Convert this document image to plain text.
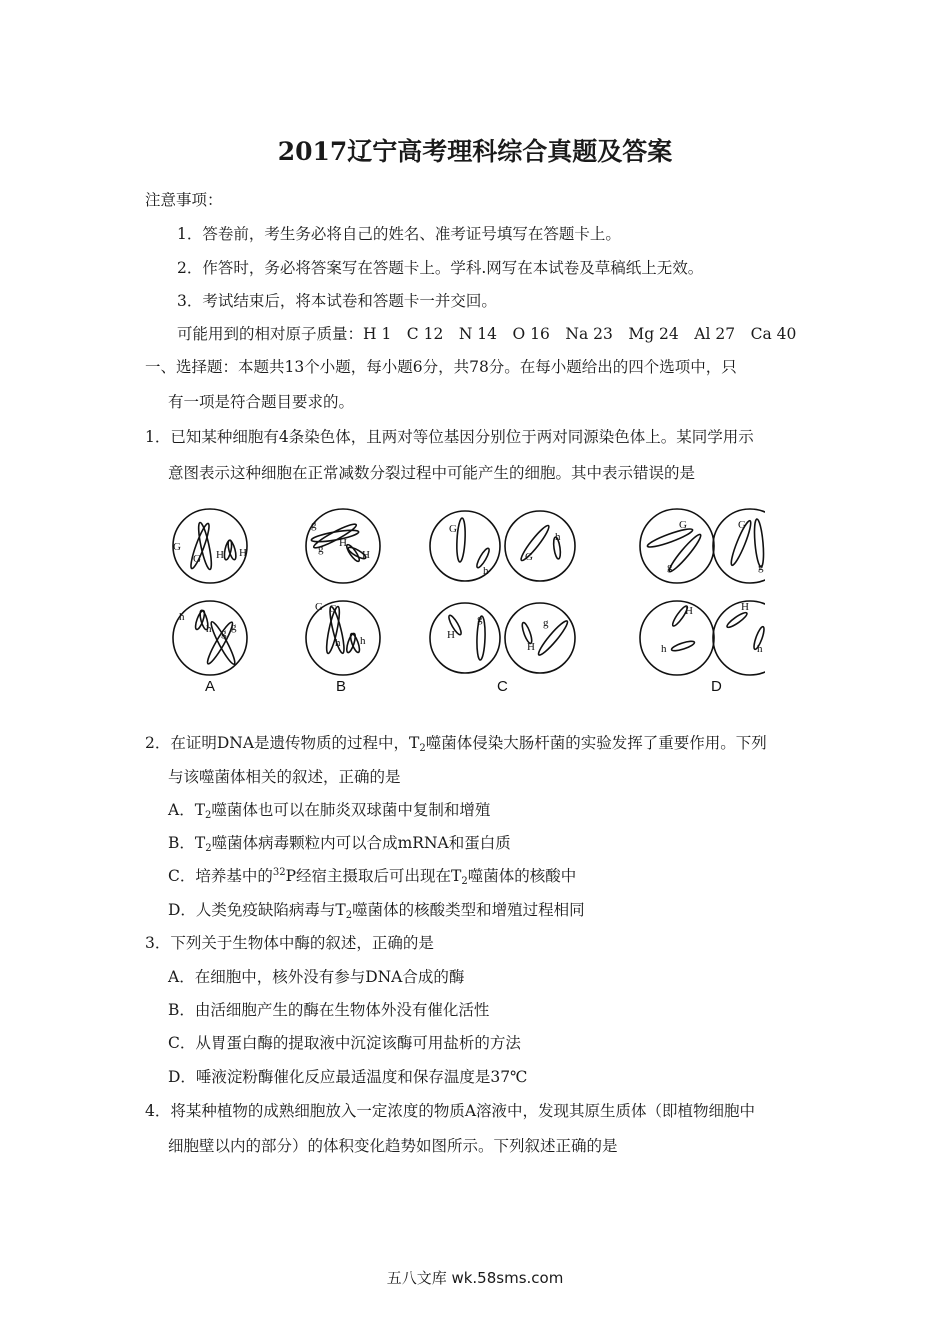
2017辽宁高考理科综合真题及答案
注意事项：
1．答卷前，考生务必将自己的姓名、准考证号填写在答题卡上。
2．作答时，务必将答案写在答题卡上。学科.网写在本试卷及草稿纸上无效。
3．考试结束后，将本试卷和答题卡一并交回。
可能用到的相对原子质量：H 1　C 12　N 14　O 16　Na 23　Mg 24　Al 27　Ca 40
一、选择题：本题共13个小题，每小题6分，共78分。在每小题给出的四个选项中，只
有一项是符合题目要求的。
1．已知某种细胞有4条染色体，且两对等位基因分别位于两对同源染色体上。某同学用示
意图表示这种细胞在正常减数分裂过程中可能产生的细胞。其中表示错误的是
G
G H H
h
h g g
g
g H
H
G G
h h
G
h
G
h
H
g
H
g
G
g
G
g
H
h
H
h
A	B	C	D
2．在证明DNA是遗传物质的过程中，T2噬菌体侵染大肠杆菌的实验发挥了重要作用。下列
与该噬菌体相关的叙述，正确的是
A．T2噬菌体也可以在肺炎双球菌中复制和增殖
B．T2噬菌体病毒颗粒内可以合成mRNA和蛋白质
C．培养基中的$^{32}$P经宿主摄取后可出现在T2噬菌体的核酸中
D．人类免疫缺陷病毒与T2噬菌体的核酸类型和增殖过程相同
3．下列关于生物体中酶的叙述，正确的是
A．在细胞中，核外没有参与DNA合成的酶
B．由活细胞产生的酶在生物体外没有催化活性
C．从胃蛋白酶的提取液中沉淀该酶可用盐析的方法
D．唾液淀粉酶催化反应最适温度和保存温度是37℃
4．将某种植物的成熟细胞放入一定浓度的物质A溶液中，发现其原生质体（即植物细胞中
细胞壁以内的部分）的体积变化趋势如图所示。下列叙述正确的是
五八文库 wk.58sms.com
